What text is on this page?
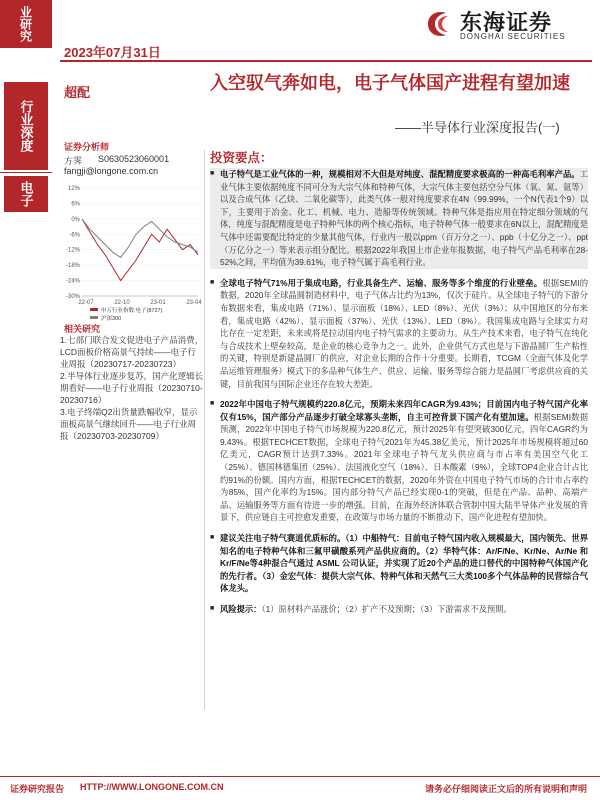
业研究
2023年07月31日
东海证券
DONGHAI SECURITIES
行业深度
电子
超配	入空驭气奔如电，电子气体国产进程有望加速
——半导体行业深度报告(一)
证券分析师
方霁 S0630523060001
fangji@longone.com.cn
12%
6%
0%
-6%
-12%
-18%
-24%
-30%
22-07	22-10	23-01	23-04
申万行业指数:电子(8727)
沪深300
相关研究

1.七部门联合发文促进电子产品消费，LCD面板价格高景气持续——电子行业周报（20230717-20230723）

2.半导体行业逐步复苏，国产化逻辑长期看好——电子行业周报（20230710-20230716）

3.电子终端Q2出货量跌幅收窄，显示面板高景气继续回升——电子行业周报（20230703-20230709）

投资要点：
■ 电子特气是工业气体的一种，规模相对不大但是对纯度、混配精度要求极高的一种高毛利率产品。工业气体主要依据纯度不同可分为大宗气体和特种气体，大宗气体主要包括空分气体（氧、氮、氩等）以及合成气体（乙炔、二氧化碳等），此类气体一般对纯度要求在4N（99.99%，一个N代表1个9）以下，主要用于冶金、化工、机械、电力、造船等传统领域。特种气体是指应用在特定细分领域的气体，纯度与混配精度是电子特种气体的两个核心指标，电子特种气体一般要求在6N以上，混配精度是气体中还需要配比特定的少量其他气体，行业内一般以ppm（百万分之一）、ppb（十亿分之一）、ppt（万亿分之一）等来表示组分配比。根据2022年我国上市企业年报数据，电子特气产品毛利率在28-52%之间，平均值为39.61%，电子特气属于高毛利行业。
■ 全球电子特气71%用于集成电路，行业具备生产、运输、服务等多个维度的行业壁垒。根据SEMI的数据，2020年全球晶圆制造材料中，电子气体占比约为13%，仅次于硅片。从全球电子特气的下游分布数据来看，集成电路（71%）、显示面板（18%）、LED（8%）、光伏（3%）；从中国地区的分布来看，集成电路（42%）、显示面板（37%）、光伏（13%）、LED（8%）。我国集成电路与全球实力对比存在一定差距，未来或将是拉动国内电子特气需求的主要动力。从生产技术来看，电子特气在纯化与合成技术上壁垒较高，是企业的核心竞争力之一。此外，企业供气方式也是与下游晶圆厂生产粘性的关键，特别是新建晶圆厂的供应，对企业长期的合作十分重要。长期看，TCGM（全面气体及化学品运维管理服务）模式下的多品种气体生产、供应、运输、服务等综合能力是晶圆厂考虑供应商的关键，目前我国与国际企业还存在较大差距。
■ 2022年中国电子特气规模约220.8亿元，预期未来四年CAGR为9.43%；目前国内电子特气国产化率仅有15%，国产部分产品逐步打破全球寡头垄断，自主可控背景下国产化有望加速。根据SEMI数据预测，2022年中国电子特气市场规模为220.8亿元，预计2025年有望突破300亿元，四年CAGR约为9.43%。根据TECHCET数据，全球电子特气2021年为45.38亿美元，预计2025年市场规模将超过60亿美元，CAGR预计达到7.33%。2021年全球电子特气龙头供应商与市占率有美国空气化工（25%）、德国林德集团（25%）、法国液化空气（18%）、日本酸素（9%），全球TOP4企业合计占比约91%的份额。国内方面，根据TECHCET的数据，2020年外资在中国电子特气市场的合计市占率约为85%，国产化率约为15%。国内部分特气产品已经实现0-1的突破，但是在产品、品种、高端产品、运输服务等方面有待进一步的增强。目前，在海外经济体联合管制中国大陆半导体产业发展的背景下，供应链自主可控愈发重要，在政策与市场力量的不断推动下，国产化进程有望加快。
■ 建议关注电子特气赛道优质标的。（1）中船特气：目前电子特气国内收入规模最大，国内领先、世界知名的电子特种气体和三氟甲磺酸系列产品供应商的。（2）华特气体：Ar/F/Ne、Kr/Ne、Ar/Ne 和Kr/F/Ne等4种混合气通过 ASML 公司认证，并实现了近20个产品的进口替代的中国特种气体国产化的先行者。（3）金宏气体：提供大宗气体、特种气体和天然气三大类100多个气体品种的民营综合气体龙头。
■ 风险提示：（1）原材料产品涨价；（2）扩产不及预期；（3）下游需求不及预期。
证券研究报告 HTTP://WWW.LONGONE.COM.CN	请务必仔细阅读正文后的所有说明和声明
